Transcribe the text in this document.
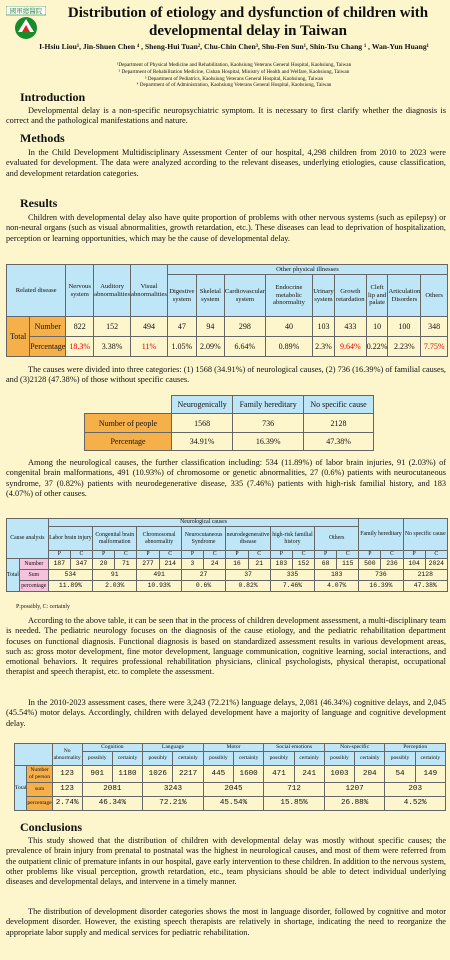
國軍總醫院	Distribution of etiology and dysfunction of children with developmental delay in Taiwan
I-Hsiu Liou¹, Jin-Shuen Chen ⁴ , Sheng-Hui Tuan², Chu-Chin Chen³, Shu-Fen Sun¹, Shin-Tsu Chang ¹ , Wan-Yun Huang¹
¹Department of Physical Medicine and Rehabilitation, Kaohsiung Veterans General Hospital, Kaohsiung, Taiwan
² Department of Rehabilitation Medicine, Cishan Hospital, Ministry of Health and Welfare, Kaohsiung, Taiwan
³ Department of Pediatrics, Kaohsiung Veterans General Hospital, Kaohsiung, Taiwan
⁴ Department of of Administration, Kaohsiung Veterans General Hospital, Kaohsiung, Taiwan
Introduction
Developmental delay is a non-specific neuropsychiatric symptom. It is necessary to first clarify whether the diagnosis is correct and the pathological manifestations and nature.
Methods
In the Child Development Multidisciplinary Assessment Center of our hospital, 4,298 children from 2010 to 2023 were evaluated for development. The data were analyzed according to the relevant diseases, underlying etiologies, cause classification, and development retardation categories.
Results
Children with developmental delay also have quite proportion of problems with other nervous systems (such as epilepsy) or non-neural organs (such as visual abnormalities, growth retardation, etc.). These diseases can lead to deprivation of hospitalization, perception or learning opportunities, which may be the cause of developmental delay.
Related disease		Nervous system	Auditory abnormalities	Visual abnormalities	Other physical illnesses								
					Digestive system	Skeletal system	Cardiovascular system	Endocrine metabolic abnormality	Urinary system	Growth retardation	Cleft lip and palate	Articulation Disorders	Others
Total	Number	822	152	494	47	94	298	40	103	433	10	100	348
	Percentage	18.3%	3.38%	11%	1.05%	2.09%	6.64%	0.89%	2.3%	9.64%	0.22%	2.23%	7.75%
The causes were divided into three categories: (1) 1568 (34.91%) of neurological causes, (2) 736 (16.39%) of familial causes, and (3)2128 (47.38%) of those without specific causes.
	Neurogenically	Family hereditary	No specific cause
Number of people	1568	736	2128
Percentage	34.91%	16.39%	47.38%
Among the neurological causes, the further classification including: 534 (11.89%) of labor brain injuries, 91 (2.03%) of congenital brain malformations, 491 (10.93%) of chromosome or genetic abnormalities, 27 (0.6%) patients with neurocutaneous syndrome, 37 (0.82%) patients with neurodegenerative disease, 335 (7.46%) patients with high-risk familial history, and 183 (4.07%) of other causes.
Cause analysis		Neurological causes														Family hereditary		No specific cause	
		Labor brain injury		Congenital brain malformation		Chromosomal abnormality		Neurocutaneous Syndrome		neurodegenerative disease		high-risk familial history		Others					
		P	C	P	C	P	C	P	C	P	C	P	C	P	C	P	C	P	C
Total	Number	187	347	20	71	277	214	3	24	16	21	183	152	68	115	500	236	104	2024
	Sum	534		91		491		27		37		335		183		736		2128	
	percentage	11.89%		2.03%		10.93%		0.6%		0.82%		7.46%		4.07%		16.39%		47.38%	
P:possibly, C: certainly
According to the above table, it can be seen that in the process of children development assessment, a multi-disciplinary team is needed. The pediatric neurology focuses on the diagnosis of the cause etiology, and the pediatric rehabilitation department focuses on functional diagnosis. Functional diagnosis is based on standardized assessment results in various development areas, such as: gross motor development, fine motor development, language communication, cognitive learning, social interactions, and emotional behaviors. It requires professional rehabilitation physicians, clinical psychologists, physical therapist, occupational therapist and speech therapist, etc. to complete the assessment.
In the 2010-2023 assessment cases, there were 3,243 (72.21%) language delays, 2,081 (46.34%) cognitive delays, and 2,045 (45.54%) motor delays. Accordingly, children with delayed development have a majority of language and cognitive development delay.
		No abnormality	Cognition		Language		Motor		Social emotions		Non-specific		Perception	
			possibly	certainly	possibly	certainly	possibly	certainly	possibly	certainly	possibly	certainly	possibly	certainly
Total	Number of person	123	901	1180	1026	2217	445	1600	471	241	1003	204	54	149
	sum	123	2081		3243		2045		712		1207		203	
	percentage	2.74%	46.34%		72.21%		45.54%		15.85%		26.88%		4.52%	
Conclusions
This study showed that the distribution of children with developmental delay was mostly without specific causes; the prevalence of brain injury from prenatal to postnatal was the highest in neurological causes, and most of them were referred from the outpatient clinic of premature infants in our hospital, gave early intervention to these children. In addition to the nervous system, other problems like visual perception, growth retardation, etc., team physicians should be able to detect individual underlying diseases and developmental delays, and intervene in a timely manner.
The distribution of development disorder categories shows the most in language disorder, followed by cognitive and motor development disorder. However, the existing speech therapists are relatively in shortage, indicating the need to reorganize the appropriate labor supply and medical services for pediatric rehabilitation.
